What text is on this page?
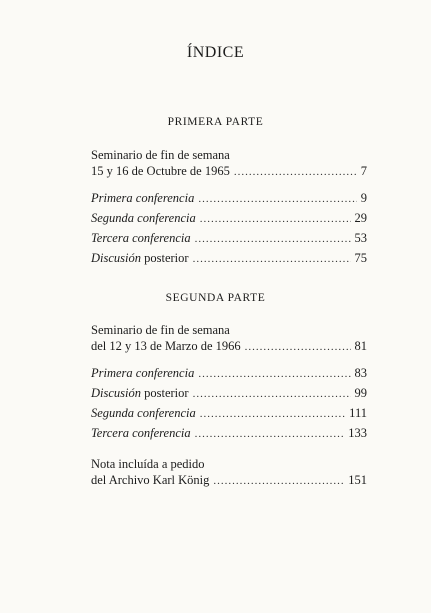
ÍNDICE
PRIMERA PARTE
Seminario de fin de semana
15 y 16 de Octubre de 1965 .....	7
Primera conferencia .....	9
Segunda conferencia .....	29
Tercera conferencia .....	53
Discusión posterior .....	75
SEGUNDA PARTE
Seminario de fin de semana
del 12 y 13 de Marzo de 1966 .....	81
Primera conferencia .....	83
Discusión posterior .....	99
Segunda conferencia .....	111
Tercera conferencia .....	133
Nota incluída a pedido
del Archivo Karl König .....	151
